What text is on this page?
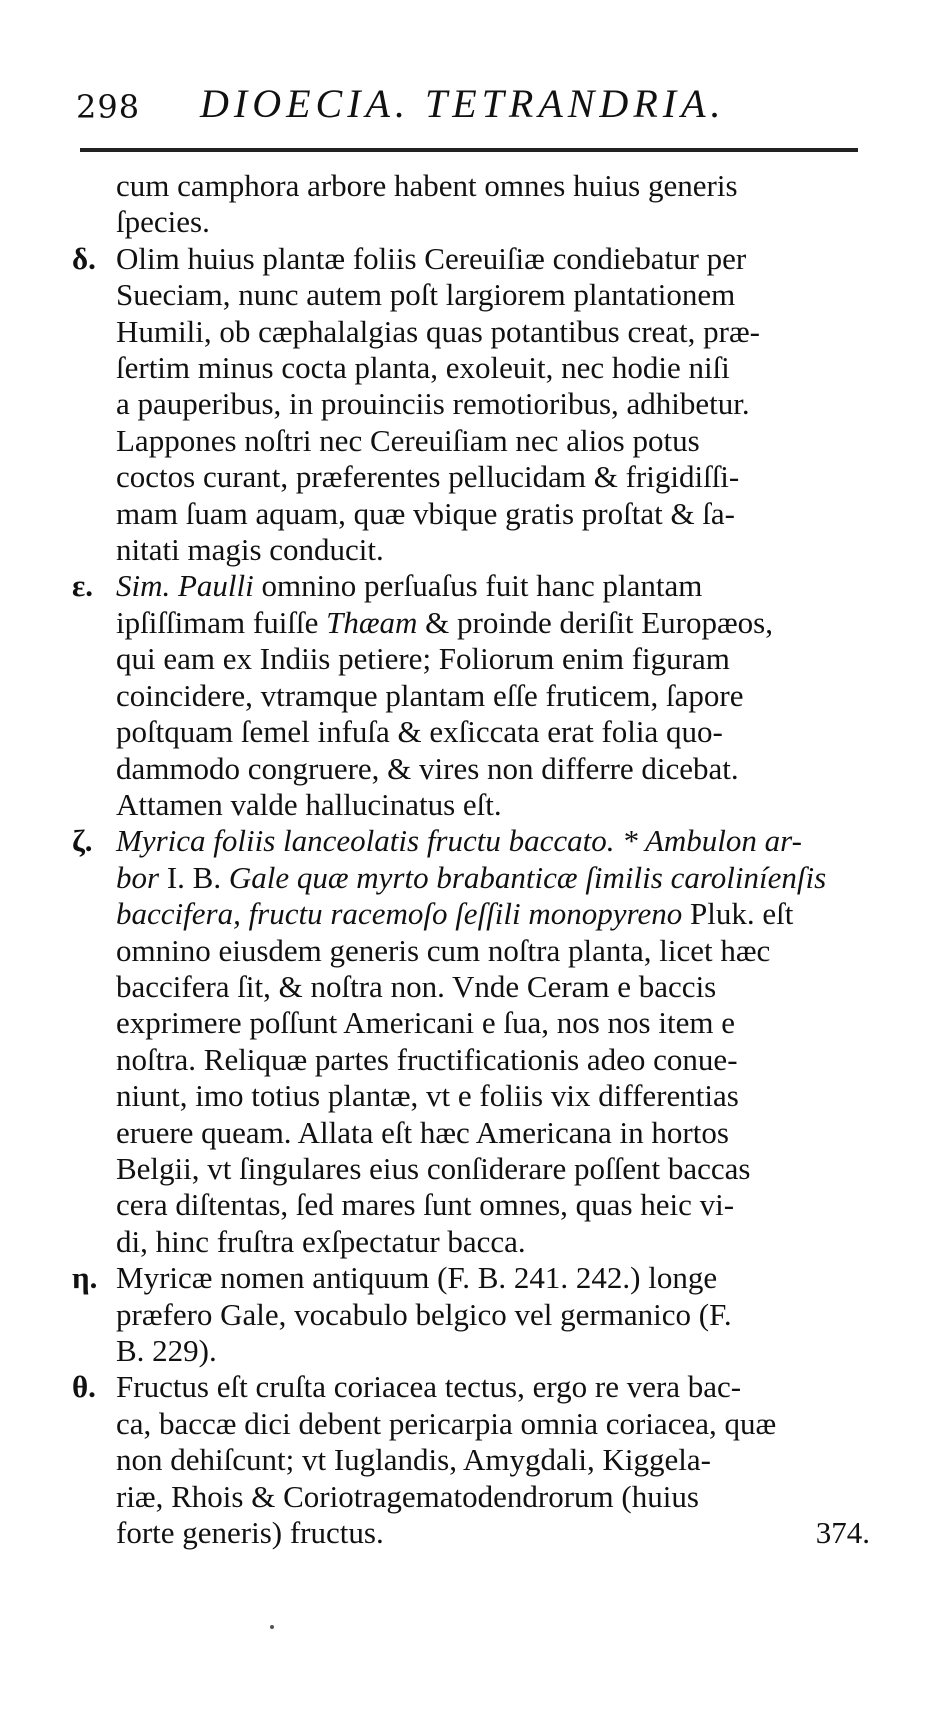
298 DIOECIA. TETRANDRIA.
cum camphora arbore habent omnes huius generis
ſpecies.
δ. Olim huius plantæ foliis Cereuiſiæ condiebatur per
Sueciam, nunc autem poſt largiorem plantationem
Humili, ob cæphalalgias quas potantibus creat, præ-
ſertim minus cocta planta, exoleuit, nec hodie niſi
a pauperibus, in prouinciis remotioribus, adhibetur.
Lappones noſtri nec Cereuiſiam nec alios potus
coctos curant, præferentes pellucidam & frigidiſſi-
mam ſuam aquam, quæ vbique gratis proſtat & ſa-
nitati magis conducit.
ε. Sim. Paulli omnino perſuaſus fuit hanc plantam
ipſiſſimam fuiſſe Thæam & proinde deriſit Europæos,
qui eam ex Indiis petiere; Foliorum enim figuram
coincidere, vtramque plantam eſſe fruticem, ſapore
poſtquam ſemel infuſa & exſiccata erat folia quo-
dammodo congruere, & vires non differre dicebat.
Attamen valde hallucinatus eſt.
ζ. Myrica foliis lanceolatis fructu baccato. * Ambulon ar-
bor I. B. Gale quæ myrto brabanticæ ſimilis caroliníenſis
baccifera, fructu racemoſo ſeſſili monopyreno Pluk. eſt
omnino eiusdem generis cum noſtra planta, licet hæc
baccifera ſit, & noſtra non. Vnde Ceram e baccis
exprimere poſſunt Americani e ſua, nos nos item e
noſtra. Reliquæ partes fructificationis adeo conue-
niunt, imo totius plantæ, vt e foliis vix differentias
eruere queam. Allata eſt hæc Americana in hortos
Belgii, vt ſingulares eius conſiderare poſſent baccas
cera diſtentas, ſed mares ſunt omnes, quas heic vi-
di, hinc fruſtra exſpectatur bacca.
η. Myricæ nomen antiquum (F. B. 241. 242.) longe
præfero Gale, vocabulo belgico vel germanico (F.
B. 229).
θ. Fructus eſt cruſta coriacea tectus, ergo re vera bac-
ca, baccæ dici debent pericarpia omnia coriacea, quæ
non dehiſcunt; vt Iuglandis, Amygdali, Kiggela-
riæ, Rhois & Coriotragematodendrorum (huius
forte generis) fructus.	374.
